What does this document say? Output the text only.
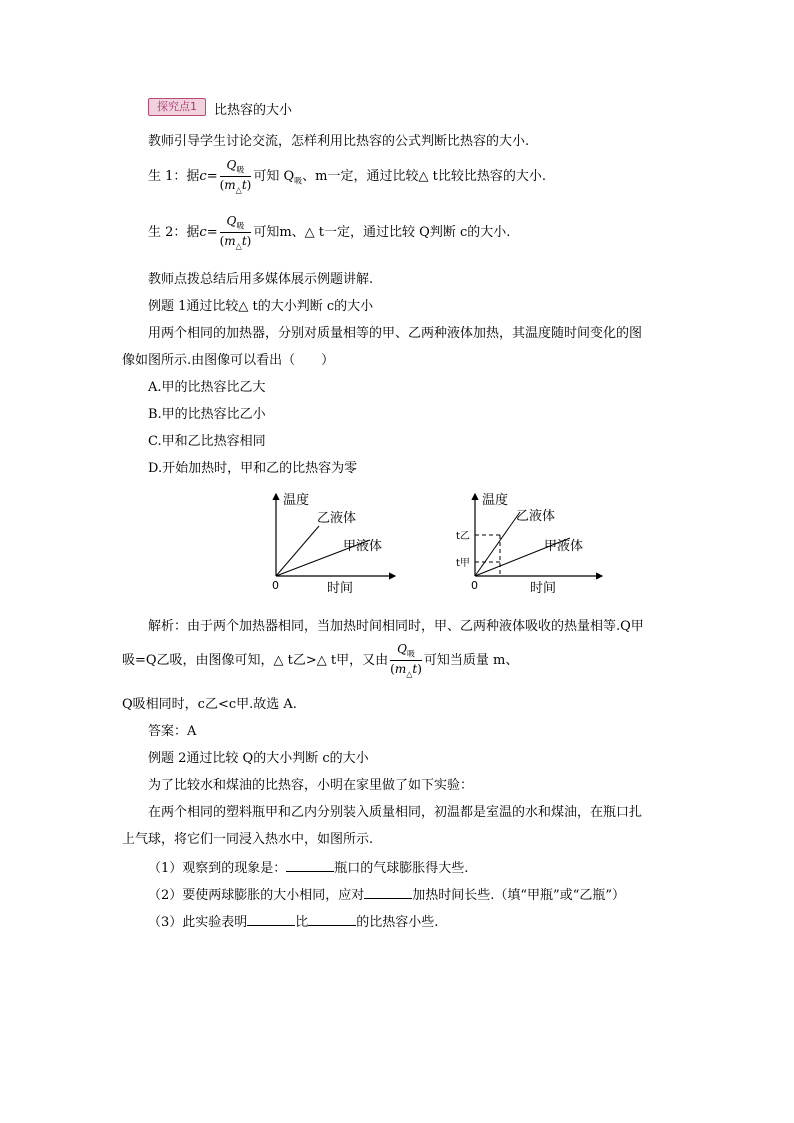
探究点1	比热容的大小
教师引导学生讨论交流，怎样利用比热容的公式判断比热容的大小.
生 1：据$c= \frac{Q_吸}{(m_\triangle t)}$ 可知 $Q_吸$、m一定，通过比较△ t比较比热容的大小.
生 2：据$c= \frac{Q_吸}{(m_\triangle t)}$ 可知m、△ t一定，通过比较 Q判断 c的大小.
教师点拨总结后用多媒体展示例题讲解.
例题 1通过比较△ t的大小判断 c的大小
用两个相同的加热器，分别对质量相等的甲、乙两种液体加热，其温度随时间变化的图
像如图所示.由图像可以看出（　　）
A.甲的比热容比乙大
B.甲的比热容比乙小
C.甲和乙比热容相同
D.开始加热时，甲和乙的比热容为零
温度
时间
0
乙液体
甲液体
温度
时间
0
乙液体
甲液体
t乙
t甲
解析：由于两个加热器相同，当加热时间相同时，甲、乙两种液体吸收的热量相等.Q甲
吸=Q乙吸，由图像可知，△ t乙>△ t甲，又由 $\frac{Q_吸}{(m_\triangle t)}$ 可知当质量 m、
Q吸相同时，c乙<c甲.故选 A.
答案：A
例题 2通过比较 Q的大小判断 c的大小
为了比较水和煤油的比热容，小明在家里做了如下实验：
在两个相同的塑料瓶甲和乙内分别装入质量相同，初温都是室温的水和煤油，在瓶口扎
上气球，将它们一同浸入热水中，如图所示.
（1）观察到的现象是：	瓶口的气球膨胀得大些.
（2）要使两球膨胀的大小相同，应对	加热时间长些.（填“甲瓶”或“乙瓶”）
（3）此实验表明	比	的比热容小些.
